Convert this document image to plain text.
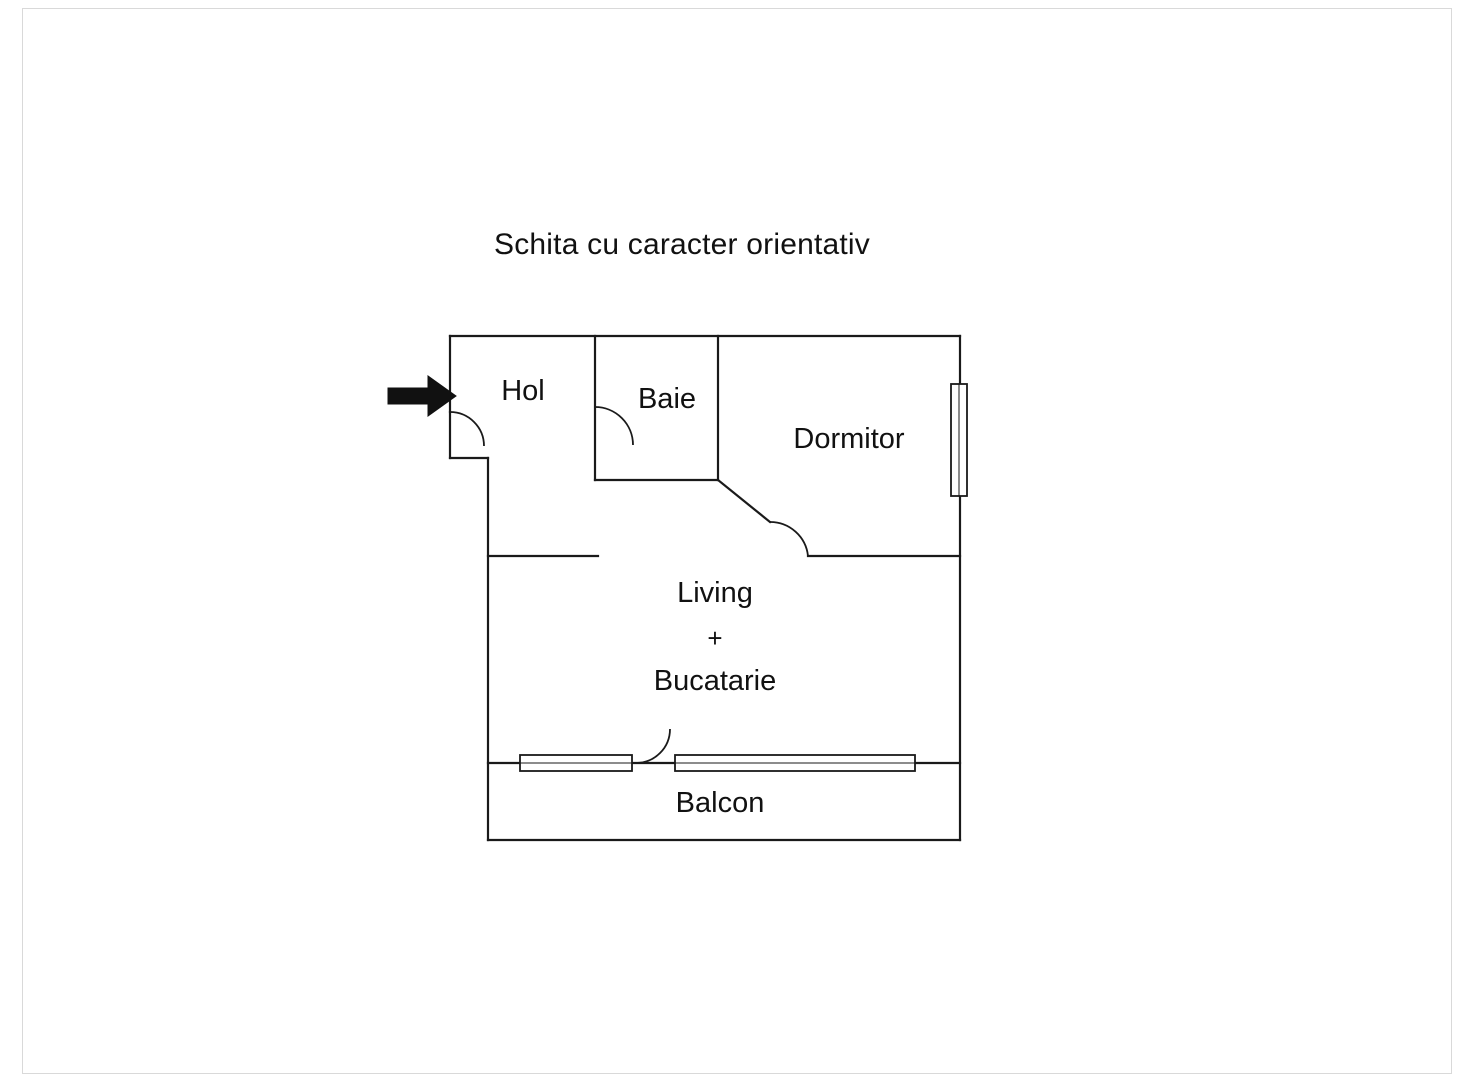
Schita cu caracter orientativ
Hol	Baie
Dormitor
Living
+
Bucatarie
Balcon
